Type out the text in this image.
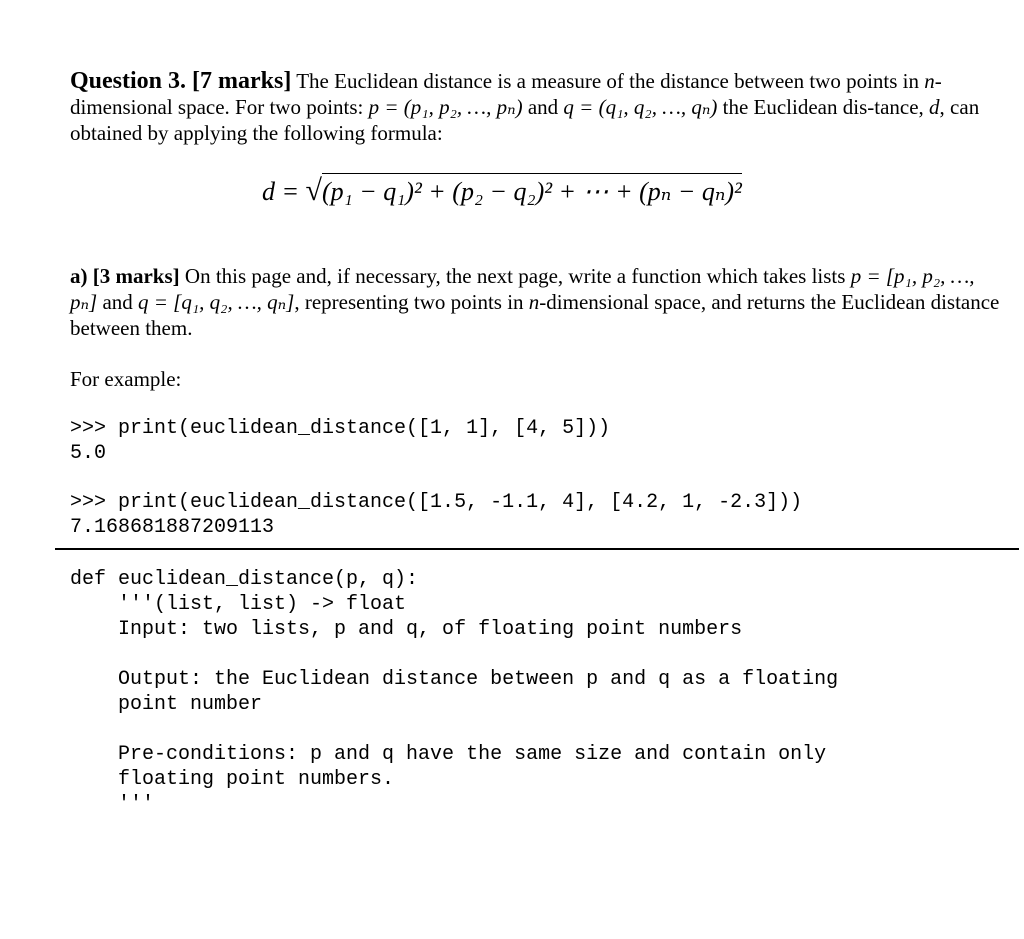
Question 3. [7 marks] The Euclidean distance is a measure of the distance between two points in n-dimensional space. For two points: p = (p₁, p₂, …, pₙ) and q = (q₁, q₂, …, qₙ) the Euclidean dis-tance, d, can obtained by applying the following formula:
d = √(p₁ − q₁)² + (p₂ − q₂)² + ⋯ + (pₙ − qₙ)²
a) [3 marks] On this page and, if necessary, the next page, write a function which takes lists p = [p₁, p₂, …, pₙ] and q = [q₁, q₂, …, qₙ], representing two points in n-dimensional space, and returns the Euclidean distance between them.
For example:
>>> print(euclidean_distance([1, 1], [4, 5]))
5.0
>>> print(euclidean_distance([1.5, -1.1, 4], [4.2, 1, -2.3]))
7.168681887209113
def euclidean_distance(p, q):
'''(list, list) -> float
Input: two lists, p and q, of floating point numbers

Output: the Euclidean distance between p and q as a floating
point number

Pre-conditions: p and q have the same size and contain only
floating point numbers.
'''
